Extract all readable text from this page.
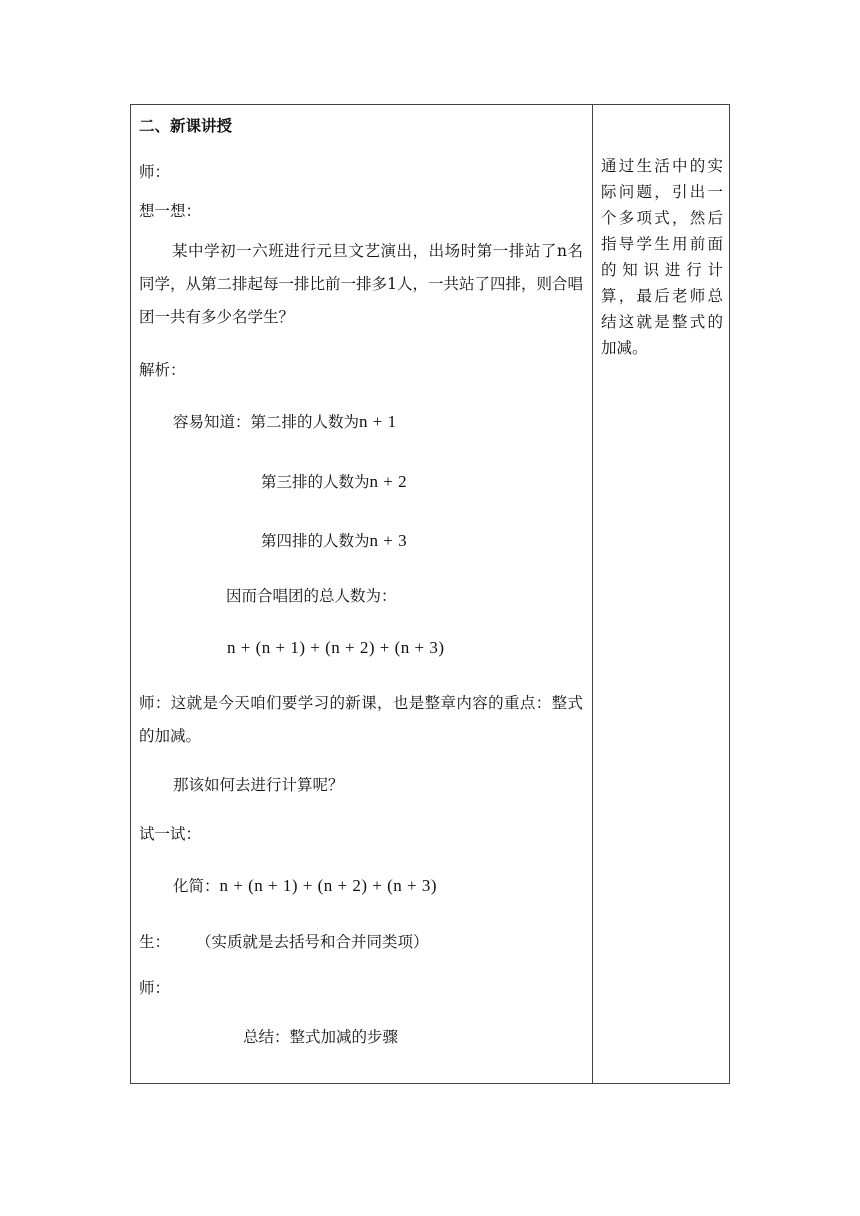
二、新课讲授
师：
想一想：
某中学初一六班进行元旦文艺演出，出场时第一排站了n名同学，从第二排起每一排比前一排多1人，一共站了四排，则合唱团一共有多少名学生？
解析：
容易知道：第二排的人数为n + 1
第三排的人数为n + 2
第四排的人数为n + 3
因而合唱团的总人数为：
n + (n + 1) + (n + 2) + (n + 3)
师：这就是今天咱们要学习的新课，也是整章内容的重点：整式的加减。
那该如何去进行计算呢？
试一试：
化简：n + (n + 1) + (n + 2) + (n + 3)
生： （实质就是去括号和合并同类项）
师：
总结：整式加减的步骤
通过生活中的实际问题，引出一个多项式，然后指导学生用前面的知识进行计算，最后老师总结这就是整式的加减。
